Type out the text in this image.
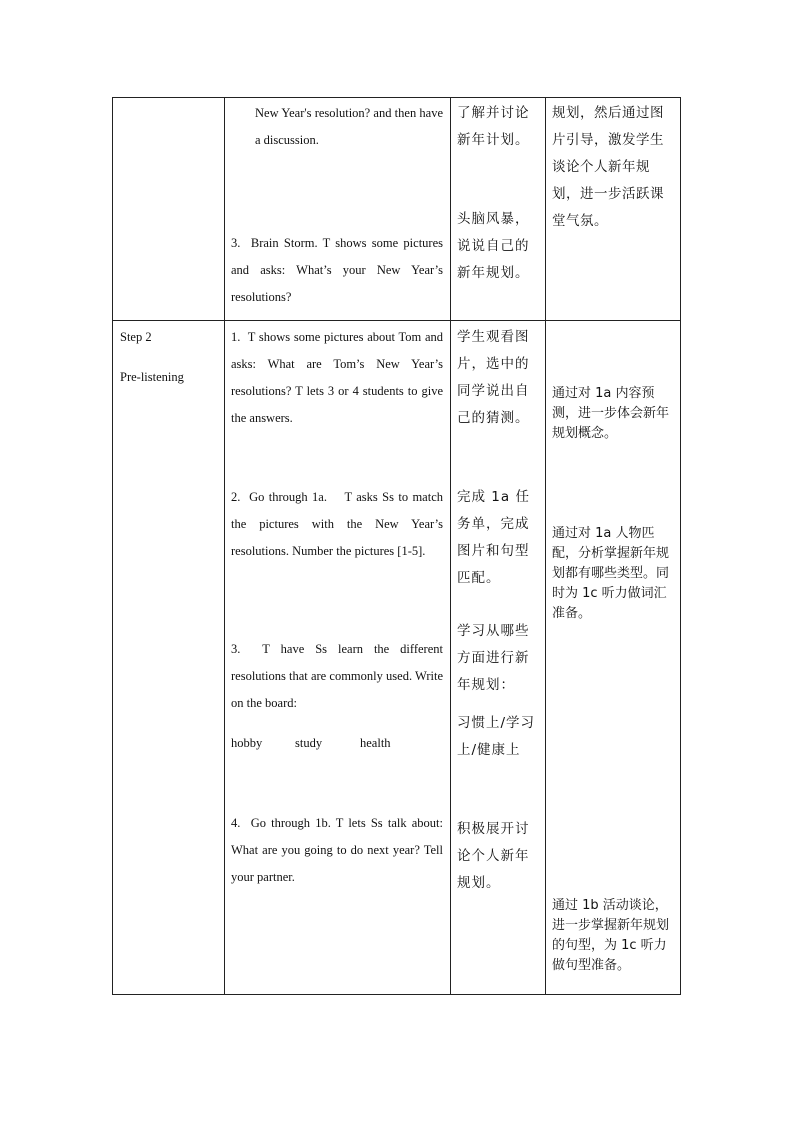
New Year's resolution? and then have a discussion.
3.  Brain Storm. T shows some pictures and asks: What’s your New Year’s resolutions?
了解并讨论新年计划。
头脑风暴，说说自己的新年规划。
规划，然后通过图片引导，激发学生谈论个人新年规划，进一步活跃课堂气氛。
Step 2
Pre-listening
1.  T shows some pictures about Tom and asks: What are Tom’s New Year’s resolutions? T lets 3 or 4 students to give the answers.
2.  Go through 1a.    T asks Ss to match the pictures with the New Year’s resolutions. Number the pictures [1-5].
3.  T have Ss learn the different resolutions that are commonly used. Write on the board:
hobby	study	health
4.  Go through 1b. T lets Ss talk about: What are you going to do next year? Tell your partner.
学生观看图片，选中的同学说出自己的猜测。
完成 1a 任务单，完成图片和句型匹配。
学习从哪些方面进行新年规划：
习惯上/学习上/健康上
积极展开讨论个人新年规划。
通过对 1a 内容预测，进一步体会新年规划概念。
通过对 1a 人物匹配，分析掌握新年规划都有哪些类型。同时为 1c 听力做词汇准备。
通过 1b 活动谈论，进一步掌握新年规划的句型，为 1c 听力做句型准备。
